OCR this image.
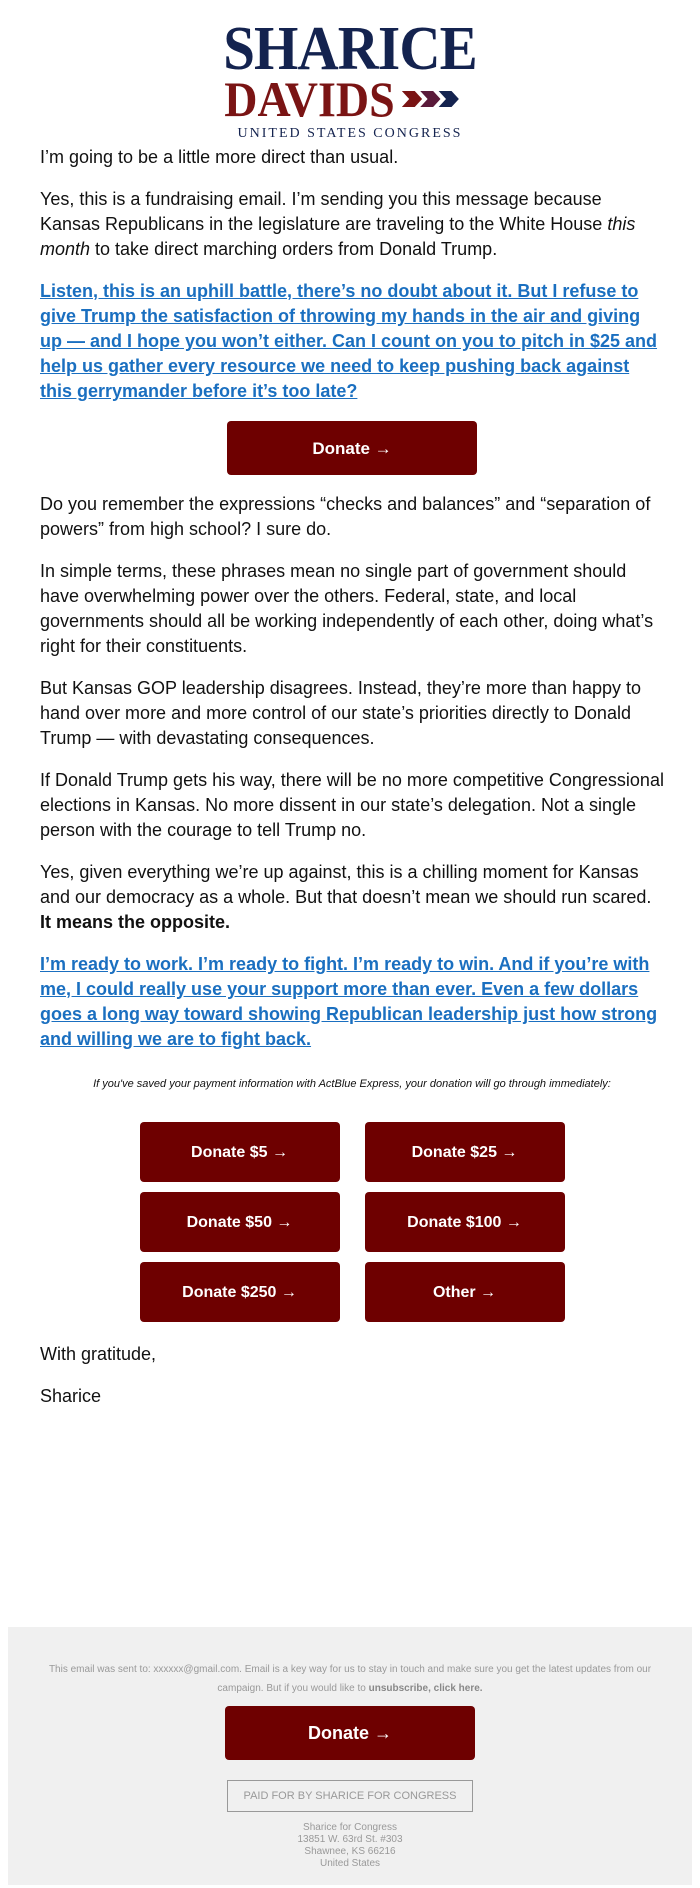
SHARICE
DAVIDS
UNITED STATES CONGRESS

I’m going to be a little more direct than usual.

Yes, this is a fundraising email. I’m sending you this message because Kansas Republicans in the legislature are traveling to the White House this month to take direct marching orders from Donald Trump.

Listen, this is an uphill battle, there’s no doubt about it. But I refuse to give Trump the satisfaction of throwing my hands in the air and giving up — and I hope you won’t either. Can I count on you to pitch in $25 and help us gather every resource we need to keep pushing back against this gerrymander before it’s too late?

Donate →

Do you remember the expressions “checks and balances” and “separation of powers” from high school? I sure do.

In simple terms, these phrases mean no single part of government should have overwhelming power over the others. Federal, state, and local governments should all be working independently of each other, doing what’s right for their constituents.

But Kansas GOP leadership disagrees. Instead, they’re more than happy to hand over more and more control of our state’s priorities directly to Donald Trump — with devastating consequences.

If Donald Trump gets his way, there will be no more competitive Congressional elections in Kansas. No more dissent in our state’s delegation. Not a single person with the courage to tell Trump no.

Yes, given everything we’re up against, this is a chilling moment for Kansas and our democracy as a whole. But that doesn’t mean we should run scared. It means the opposite.

I’m ready to work. I’m ready to fight. I’m ready to win. And if you’re with me, I could really use your support more than ever. Even a few dollars goes a long way toward showing Republican leadership just how strong and willing we are to fight back.

If you've saved your payment information with ActBlue Express, your donation will go through immediately:
Donate $5 →	Donate $25 →
Donate $50 →	Donate $100 →
Donate $250 →	Other →

With gratitude,

Sharice

This email was sent to: xxxxxx@gmail.com. Email is a key way for us to stay in touch and make sure you get the latest updates from our campaign. But if you would like to unsubscribe, click here.
Donate →
PAID FOR BY SHARICE FOR CONGRESS
Sharice for Congress
13851 W. 63rd St. #303
Shawnee, KS 66216
United States
